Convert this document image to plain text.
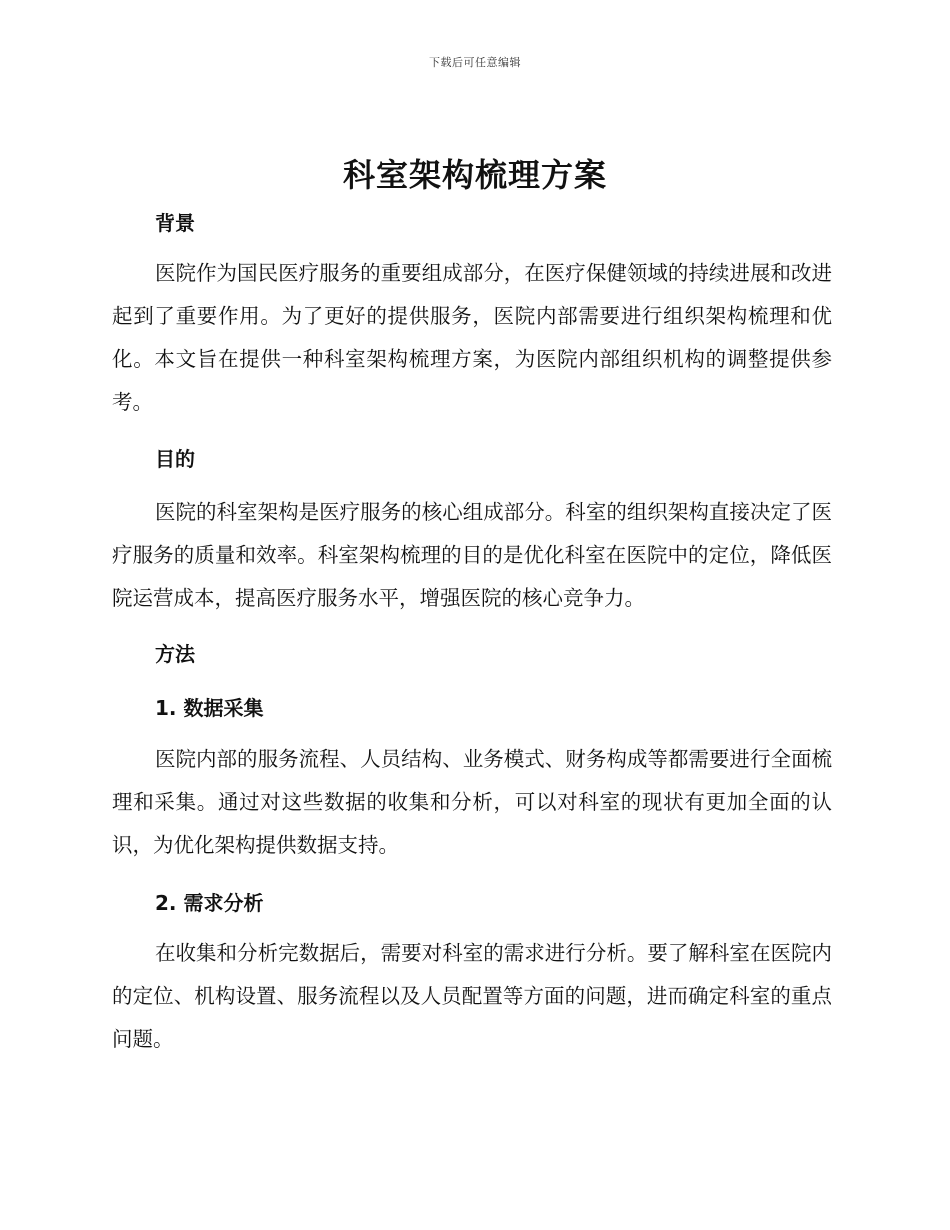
下载后可任意编辑
科室架构梳理方案
背景

医院作为国民医疗服务的重要组成部分，在医疗保健领域的持续进展和改进起到了重要作用。为了更好的提供服务，医院内部需要进行组织架构梳理和优化。本文旨在提供一种科室架构梳理方案，为医院内部组织机构的调整提供参考。

目的

医院的科室架构是医疗服务的核心组成部分。科室的组织架构直接决定了医疗服务的质量和效率。科室架构梳理的目的是优化科室在医院中的定位，降低医院运营成本，提高医疗服务水平，增强医院的核心竞争力。

方法
1. 数据采集

医院内部的服务流程、人员结构、业务模式、财务构成等都需要进行全面梳理和采集。通过对这些数据的收集和分析，可以对科室的现状有更加全面的认识，为优化架构提供数据支持。

2. 需求分析

在收集和分析完数据后，需要对科室的需求进行分析。要了解科室在医院内的定位、机构设置、服务流程以及人员配置等方面的问题，进而确定科室的重点问题。
